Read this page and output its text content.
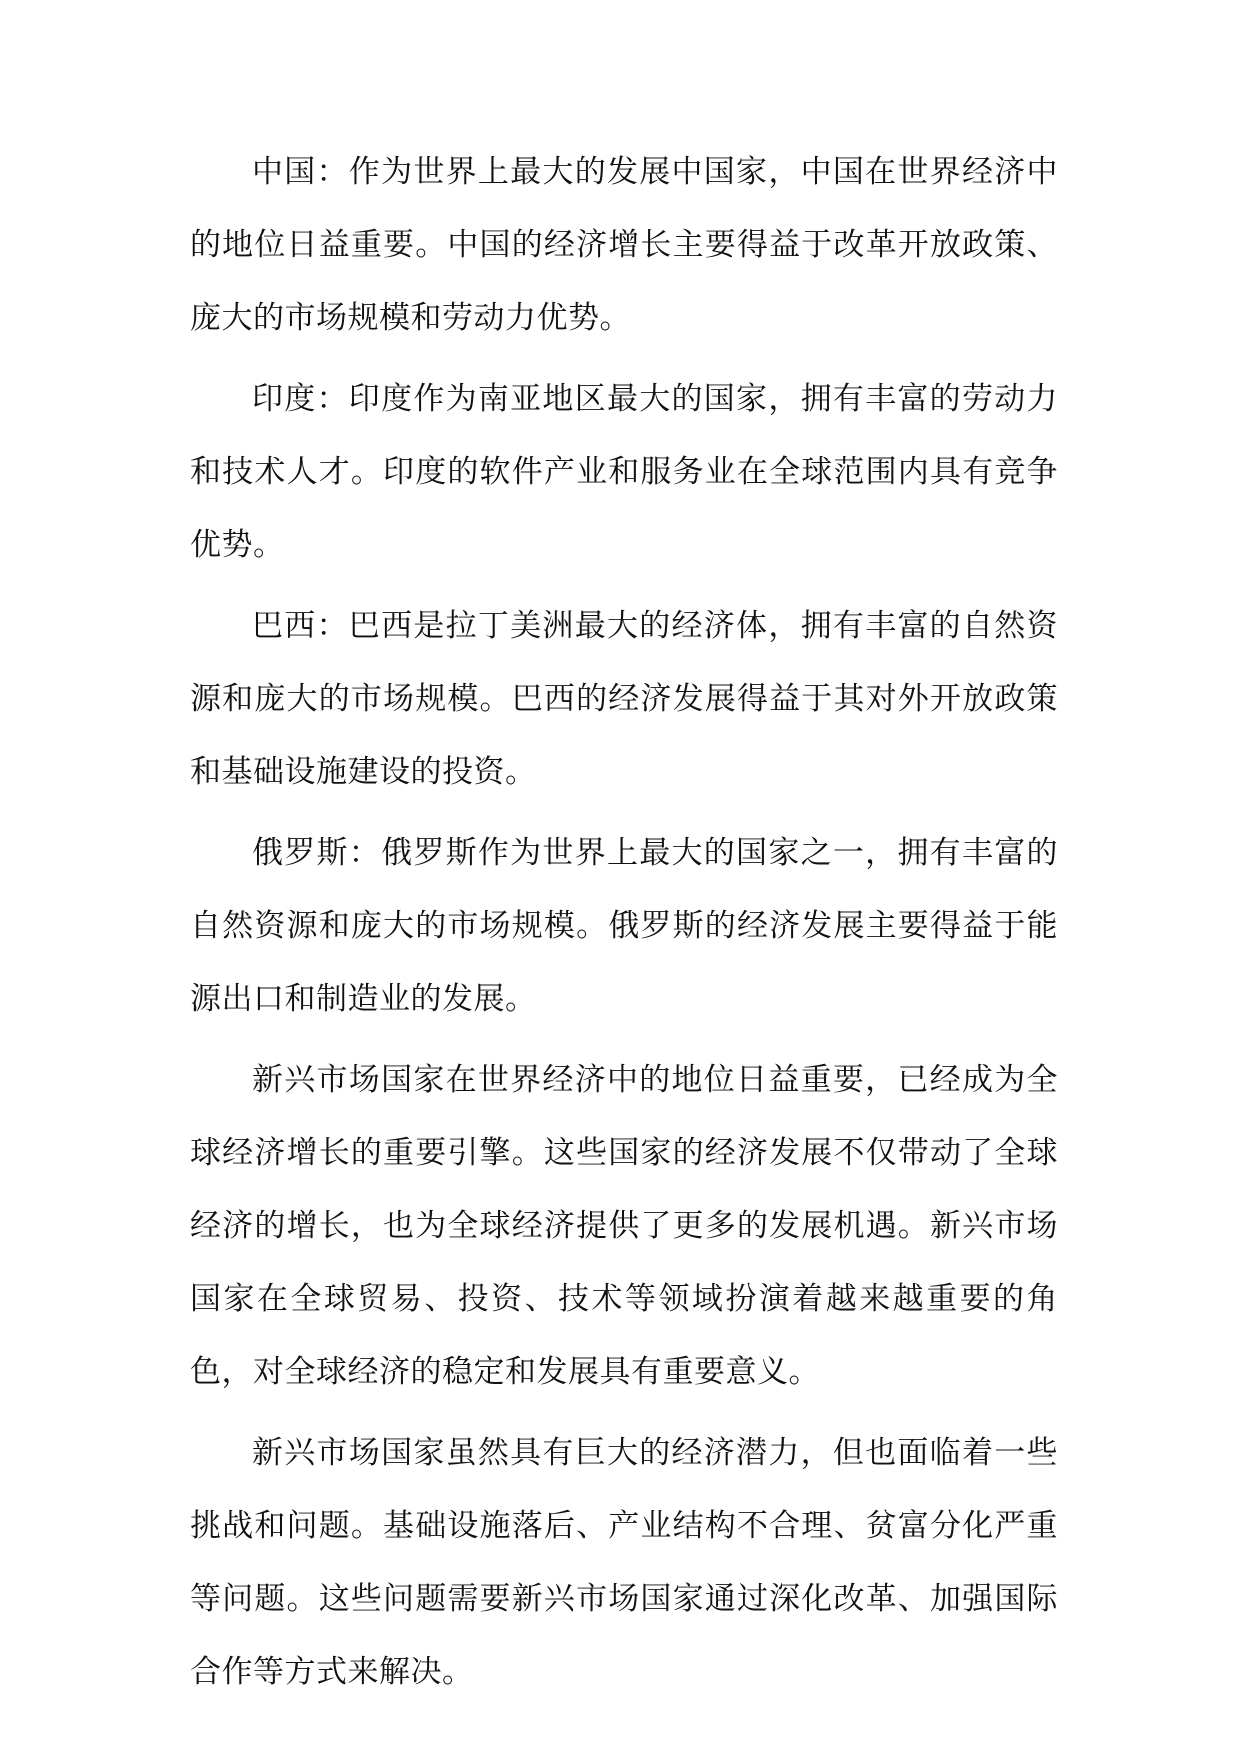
中国：作为世界上最大的发展中国家，中国在世界经济中的地位日益重要。中国的经济增长主要得益于改革开放政策、庞大的市场规模和劳动力优势。

印度：印度作为南亚地区最大的国家，拥有丰富的劳动力和技术人才。印度的软件产业和服务业在全球范围内具有竞争优势。

巴西：巴西是拉丁美洲最大的经济体，拥有丰富的自然资源和庞大的市场规模。巴西的经济发展得益于其对外开放政策和基础设施建设的投资。

俄罗斯：俄罗斯作为世界上最大的国家之一，拥有丰富的自然资源和庞大的市场规模。俄罗斯的经济发展主要得益于能源出口和制造业的发展。

新兴市场国家在世界经济中的地位日益重要，已经成为全球经济增长的重要引擎。这些国家的经济发展不仅带动了全球经济的增长，也为全球经济提供了更多的发展机遇。新兴市场国家在全球贸易、投资、技术等领域扮演着越来越重要的角色，对全球经济的稳定和发展具有重要意义。

新兴市场国家虽然具有巨大的经济潜力，但也面临着一些挑战和问题。基础设施落后、产业结构不合理、贫富分化严重等问题。这些问题需要新兴市场国家通过深化改革、加强国际合作等方式来解决。
